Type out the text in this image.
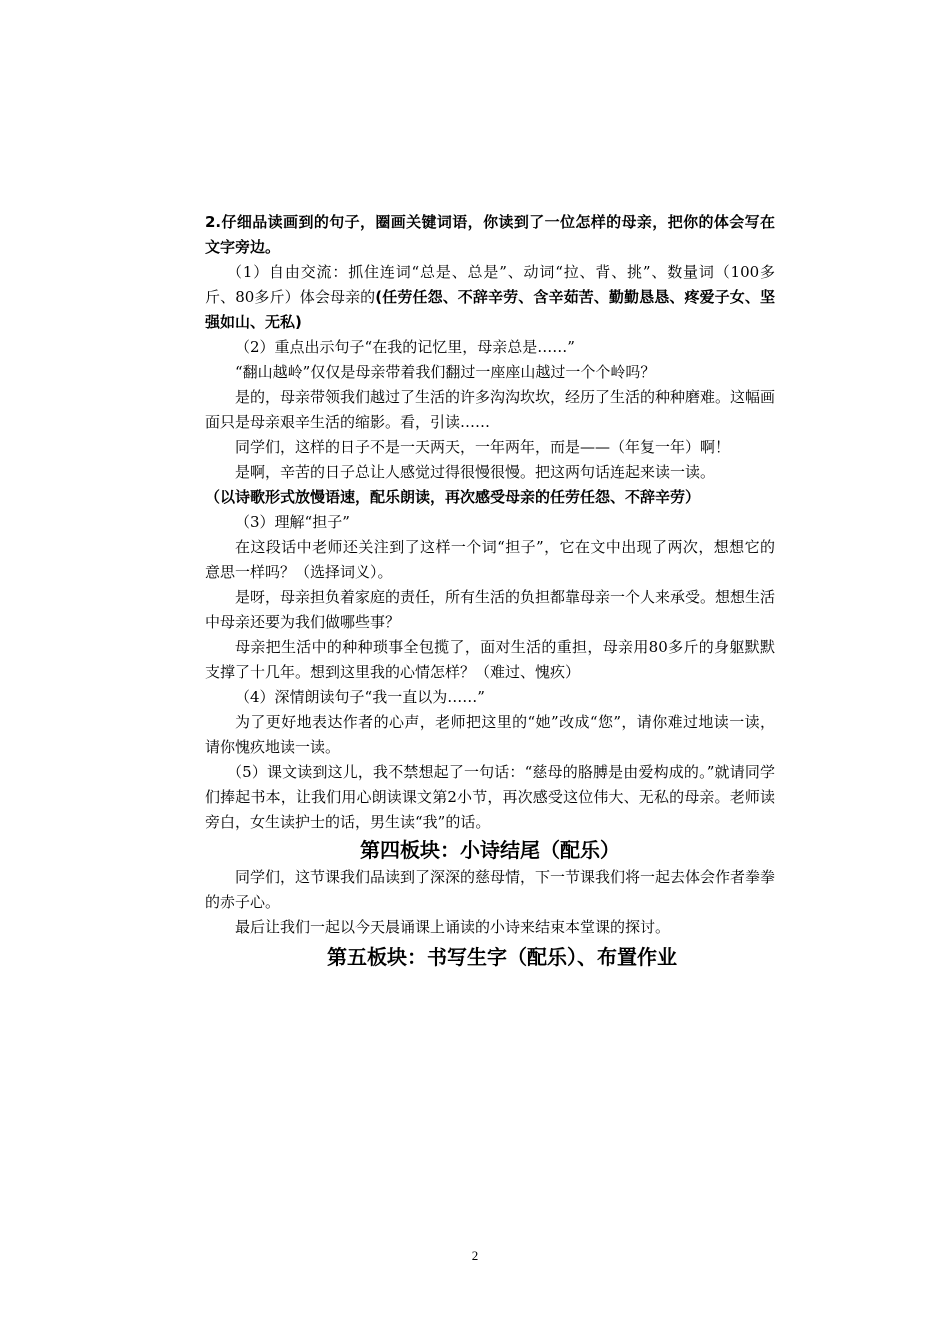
2.仔细品读画到的句子，圈画关键词语，你读到了一位怎样的母亲，把你的体会写在文字旁边。

（1）自由交流：抓住连词“总是、总是”、动词“拉、背、挑”、数量词（100多斤、80多斤）体会母亲的(任劳任怨、不辞辛劳、含辛茹苦、勤勤恳恳、疼爱子女、坚强如山、无私)

（2）重点出示句子“在我的记忆里，母亲总是……”

“翻山越岭”仅仅是母亲带着我们翻过一座座山越过一个个岭吗？

是的，母亲带领我们越过了生活的许多沟沟坎坎，经历了生活的种种磨难。这幅画面只是母亲艰辛生活的缩影。看，引读……

同学们，这样的日子不是一天两天，一年两年，而是——（年复一年）啊！

是啊，辛苦的日子总让人感觉过得很慢很慢。把这两句话连起来读一读。

（以诗歌形式放慢语速，配乐朗读，再次感受母亲的任劳任怨、不辞辛劳）

（3）理解“担子”

在这段话中老师还关注到了这样一个词“担子”，它在文中出现了两次，想想它的意思一样吗？（选择词义）。

是呀，母亲担负着家庭的责任，所有生活的负担都靠母亲一个人来承受。想想生活中母亲还要为我们做哪些事？

母亲把生活中的种种琐事全包揽了，面对生活的重担，母亲用80多斤的身躯默默支撑了十几年。想到这里我的心情怎样？（难过、愧疚）

（4）深情朗读句子“我一直以为……”

为了更好地表达作者的心声，老师把这里的“她”改成“您”，请你难过地读一读，请你愧疚地读一读。

（5）课文读到这儿，我不禁想起了一句话：“慈母的胳膊是由爱构成的。”就请同学们捧起书本，让我们用心朗读课文第2小节，再次感受这位伟大、无私的母亲。老师读旁白，女生读护士的话，男生读“我”的话。

第四板块：小诗结尾（配乐）

同学们，这节课我们品读到了深深的慈母情，下一节课我们将一起去体会作者拳拳的赤子心。

最后让我们一起以今天晨诵课上诵读的小诗来结束本堂课的探讨。

第五板块：书写生字（配乐）、布置作业

2
